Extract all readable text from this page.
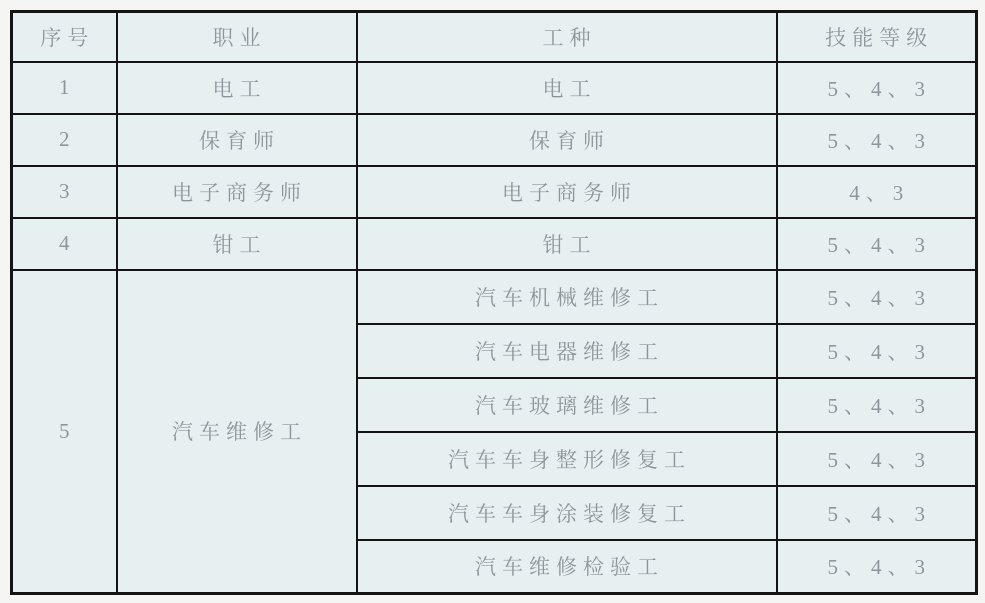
序号	职业	工种	技能等级
1	电工	电工	5、4、3
2	保育师	保育师	5、4、3
3	电子商务师	电子商务师	4、3
4	钳工	钳工	5、4、3
5	汽车维修工	汽车机械维修工	5、4、3
		汽车电器维修工	5、4、3
		汽车玻璃维修工	5、4、3
		汽车车身整形修复工	5、4、3
		汽车车身涂装修复工	5、4、3
		汽车维修检验工	5、4、3
